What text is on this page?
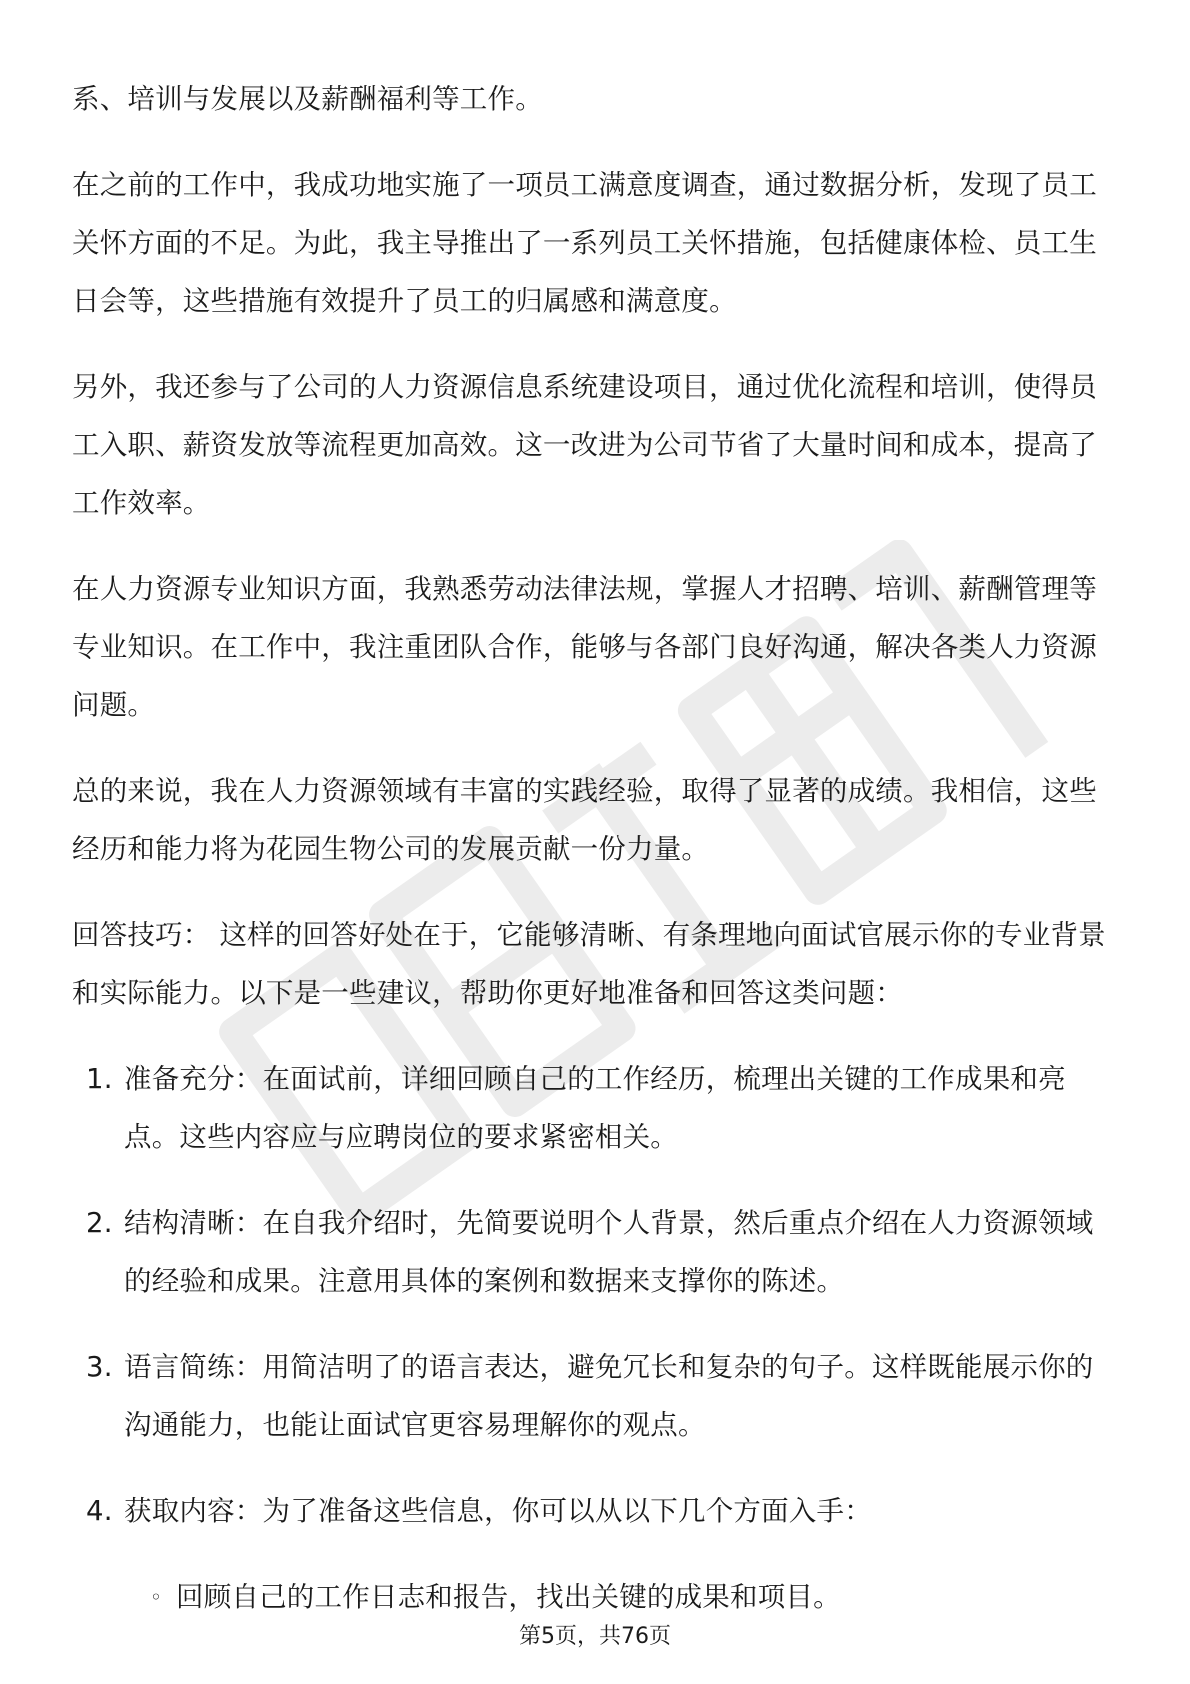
系、培训与发展以及薪酬福利等工作。

在之前的工作中，我成功地实施了一项员工满意度调查，通过数据分析，发现了员工关怀方面的不足。为此，我主导推出了一系列员工关怀措施，包括健康体检、员工生日会等，这些措施有效提升了员工的归属感和满意度。

另外，我还参与了公司的人力资源信息系统建设项目，通过优化流程和培训，使得员工入职、薪资发放等流程更加高效。这一改进为公司节省了大量时间和成本，提高了工作效率。

在人力资源专业知识方面，我熟悉劳动法律法规，掌握人才招聘、培训、薪酬管理等专业知识。在工作中，我注重团队合作，能够与各部门良好沟通，解决各类人力资源问题。

总的来说，我在人力资源领域有丰富的实践经验，取得了显著的成绩。我相信，这些经历和能力将为花园生物公司的发展贡献一份力量。

回答技巧： 这样的回答好处在于，它能够清晰、有条理地向面试官展示你的专业背景和实际能力。以下是一些建议，帮助你更好地准备和回答这类问题：

1. 准备充分：在面试前，详细回顾自己的工作经历，梳理出关键的工作成果和亮点。这些内容应与应聘岗位的要求紧密相关。
2. 结构清晰：在自我介绍时，先简要说明个人背景，然后重点介绍在人力资源领域的经验和成果。注意用具体的案例和数据来支撑你的陈述。
3. 语言简练：用简洁明了的语言表达，避免冗长和复杂的句子。这样既能展示你的沟通能力，也能让面试官更容易理解你的观点。
4. 获取内容：为了准备这些信息，你可以从以下几个方面入手：
◦ 回顾自己的工作日志和报告，找出关键的成果和项目。
第5页，共76页
